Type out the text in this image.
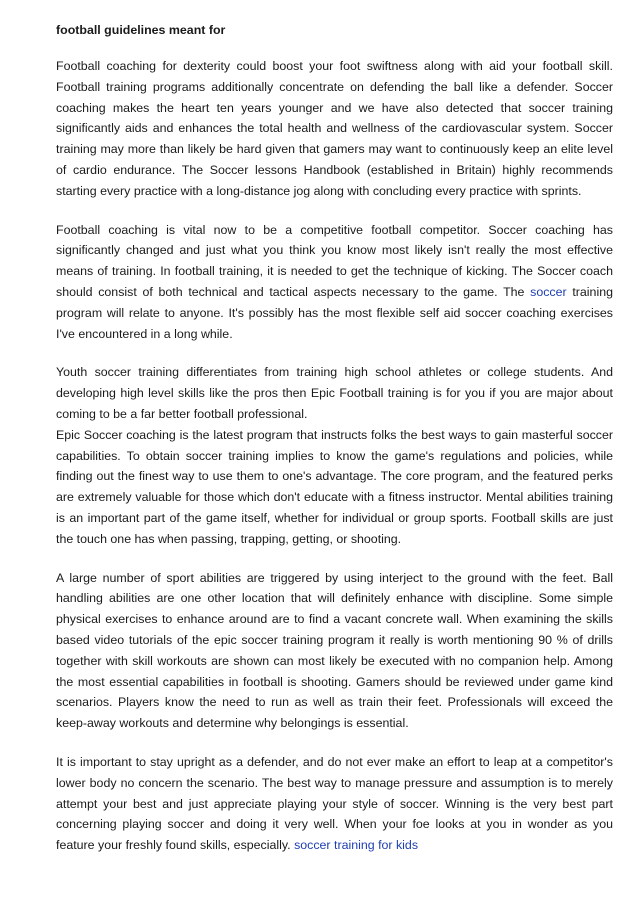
football guidelines meant for

Football coaching for dexterity could boost your foot swiftness along with aid your football skill. Football training programs additionally concentrate on defending the ball like a defender. Soccer coaching makes the heart ten years younger and we have also detected that soccer training significantly aids and enhances the total health and wellness of the cardiovascular system. Soccer training may more than likely be hard given that gamers may want to continuously keep an elite level of cardio endurance. The Soccer lessons Handbook (established in Britain) highly recommends starting every practice with a long-distance jog along with concluding every practice with sprints.

Football coaching is vital now to be a competitive football competitor. Soccer coaching has significantly changed and just what you think you know most likely isn't really the most effective means of training. In football training, it is needed to get the technique of kicking. The Soccer coach should consist of both technical and tactical aspects necessary to the game. The soccer training program will relate to anyone. It's possibly has the most flexible self aid soccer coaching exercises I've encountered in a long while.

Youth soccer training differentiates from training high school athletes or college students. And developing high level skills like the pros then Epic Football training is for you if you are major about coming to be a far better football professional.

Epic Soccer coaching is the latest program that instructs folks the best ways to gain masterful soccer capabilities. To obtain soccer training implies to know the game's regulations and policies, while finding out the finest way to use them to one's advantage. The core program, and the featured perks are extremely valuable for those which don't educate with a fitness instructor. Mental abilities training is an important part of the game itself, whether for individual or group sports. Football skills are just the touch one has when passing, trapping, getting, or shooting.

A large number of sport abilities are triggered by using interject to the ground with the feet. Ball handling abilities are one other location that will definitely enhance with discipline. Some simple physical exercises to enhance around are to find a vacant concrete wall. When examining the skills based video tutorials of the epic soccer training program it really is worth mentioning 90 % of drills together with skill workouts are shown can most likely be executed with no companion help. Among the most essential capabilities in football is shooting. Gamers should be reviewed under game kind scenarios. Players know the need to run as well as train their feet. Professionals will exceed the keep-away workouts and determine why belongings is essential.

It is important to stay upright as a defender, and do not ever make an effort to leap at a competitor's lower body no concern the scenario. The best way to manage pressure and assumption is to merely attempt your best and just appreciate playing your style of soccer. Winning is the very best part concerning playing soccer and doing it very well. When your foe looks at you in wonder as you feature your freshly found skills, especially. soccer training for kids
